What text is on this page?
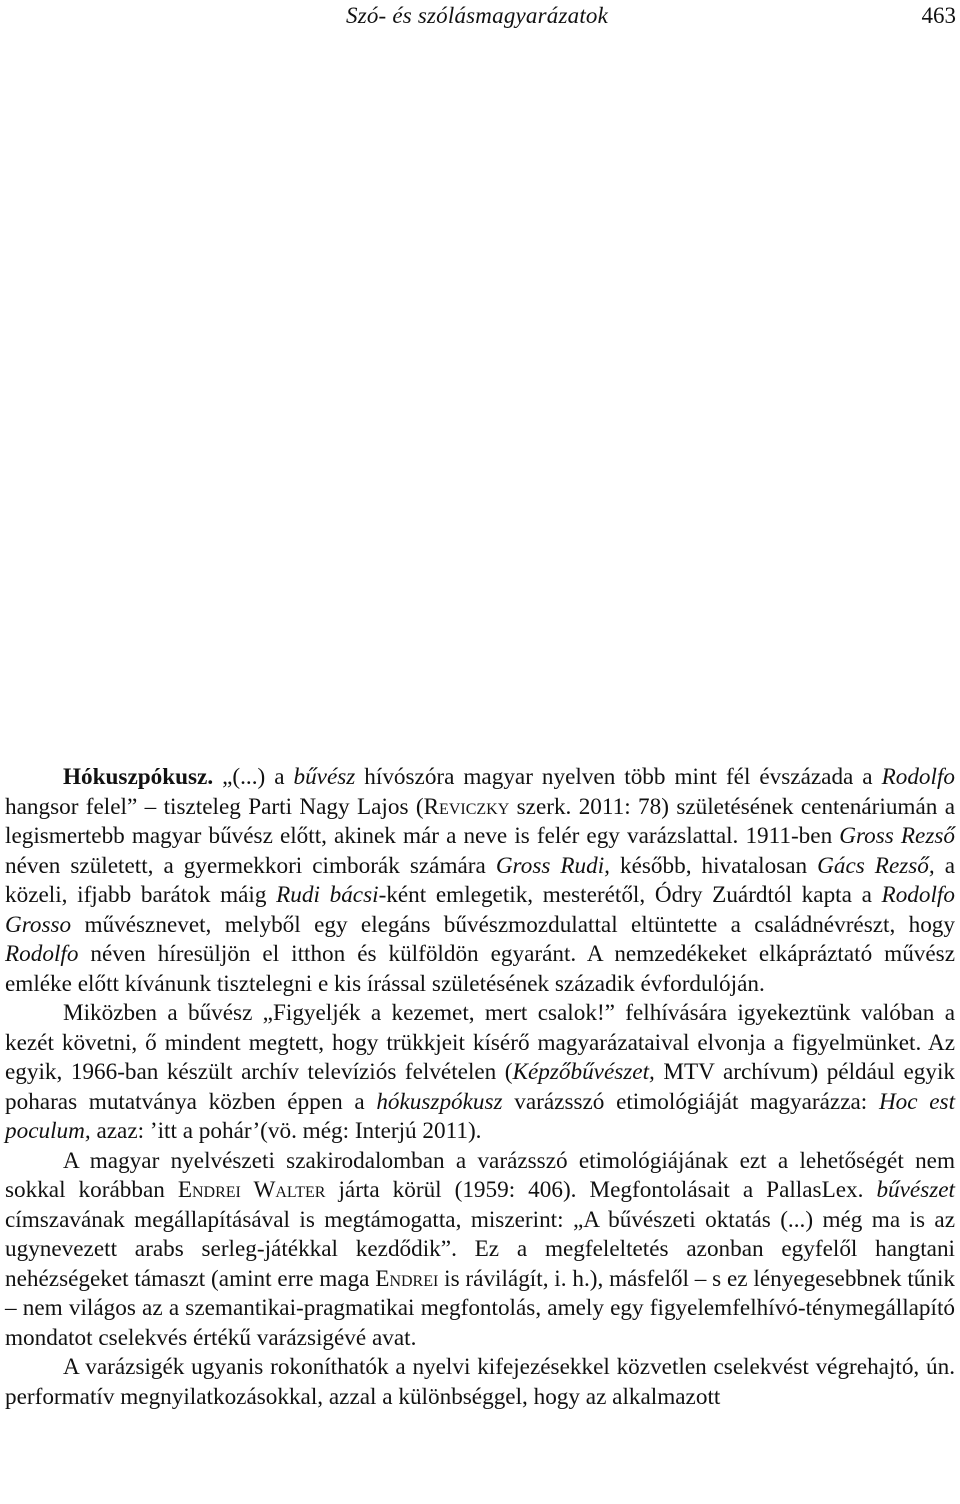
Szó- és szólásmagyarázatok	463

Hókuszpókusz. „(...) a bűvész hívószóra magyar nyelven több mint fél évszázada a Rodolfo hangsor felel” – tiszteleg Parti Nagy Lajos (Reviczky szerk. 2011: 78) születésének centenáriumán a legismertebb magyar bűvész előtt, akinek már a neve is felér egy varázslattal. 1911-ben Gross Rezső néven született, a gyermekkori cimborák számára Gross Rudi, később, hivatalosan Gács Rezső, a közeli, ifjabb barátok máig Rudi bácsi-ként emlegetik, mesterétől, Ódry Zuárdtól kapta a Rodolfo Grosso művésznevet, melyből egy elegáns bűvészmozdulattal eltüntette a családnévrészt, hogy Rodolfo néven híresüljön el itthon és külföldön egyaránt. A nemzedékeket elkápráztató művész emléke előtt kívánunk tisztelegni e kis írással születésének századik évfordulóján.

Miközben a bűvész „Figyeljék a kezemet, mert csalok!” felhívására igyekeztünk valóban a kezét követni, ő mindent megtett, hogy trükkjeit kísérő magyarázataival elvonja a figyelmünket. Az egyik, 1966-ban készült archív televíziós felvételen (Képzőbűvészet, MTV archívum) például egyik poharas mutatványa közben éppen a hókuszpókusz varázsszó etimológiáját magyarázza: Hoc est poculum, azaz: ’itt a pohár’(vö. még: Interjú 2011).

A magyar nyelvészeti szakirodalomban a varázsszó etimológiájának ezt a lehetőségét nem sokkal korábban Endrei Walter járta körül (1959: 406). Megfontolásait a PallasLex. bűvészet címszavának megállapításával is megtámogatta, miszerint: „A bűvészeti oktatás (...) még ma is az ugynevezett arabs serleg-játékkal kezdődik”. Ez a megfeleltetés azonban egyfelől hangtani nehézségeket támaszt (amint erre maga Endrei is rávilágít, i. h.), másfelől – s ez lényegesebbnek tűnik – nem világos az a szemantikai-pragmatikai megfontolás, amely egy figyelemfelhívó-ténymegállapító mondatot cselekvés értékű varázsigévé avat.

A varázsigék ugyanis rokoníthatók a nyelvi kifejezésekkel közvetlen cselekvést végrehajtó, ún. performatív megnyilatkozásokkal, azzal a különbséggel, hogy az alkalmazott
